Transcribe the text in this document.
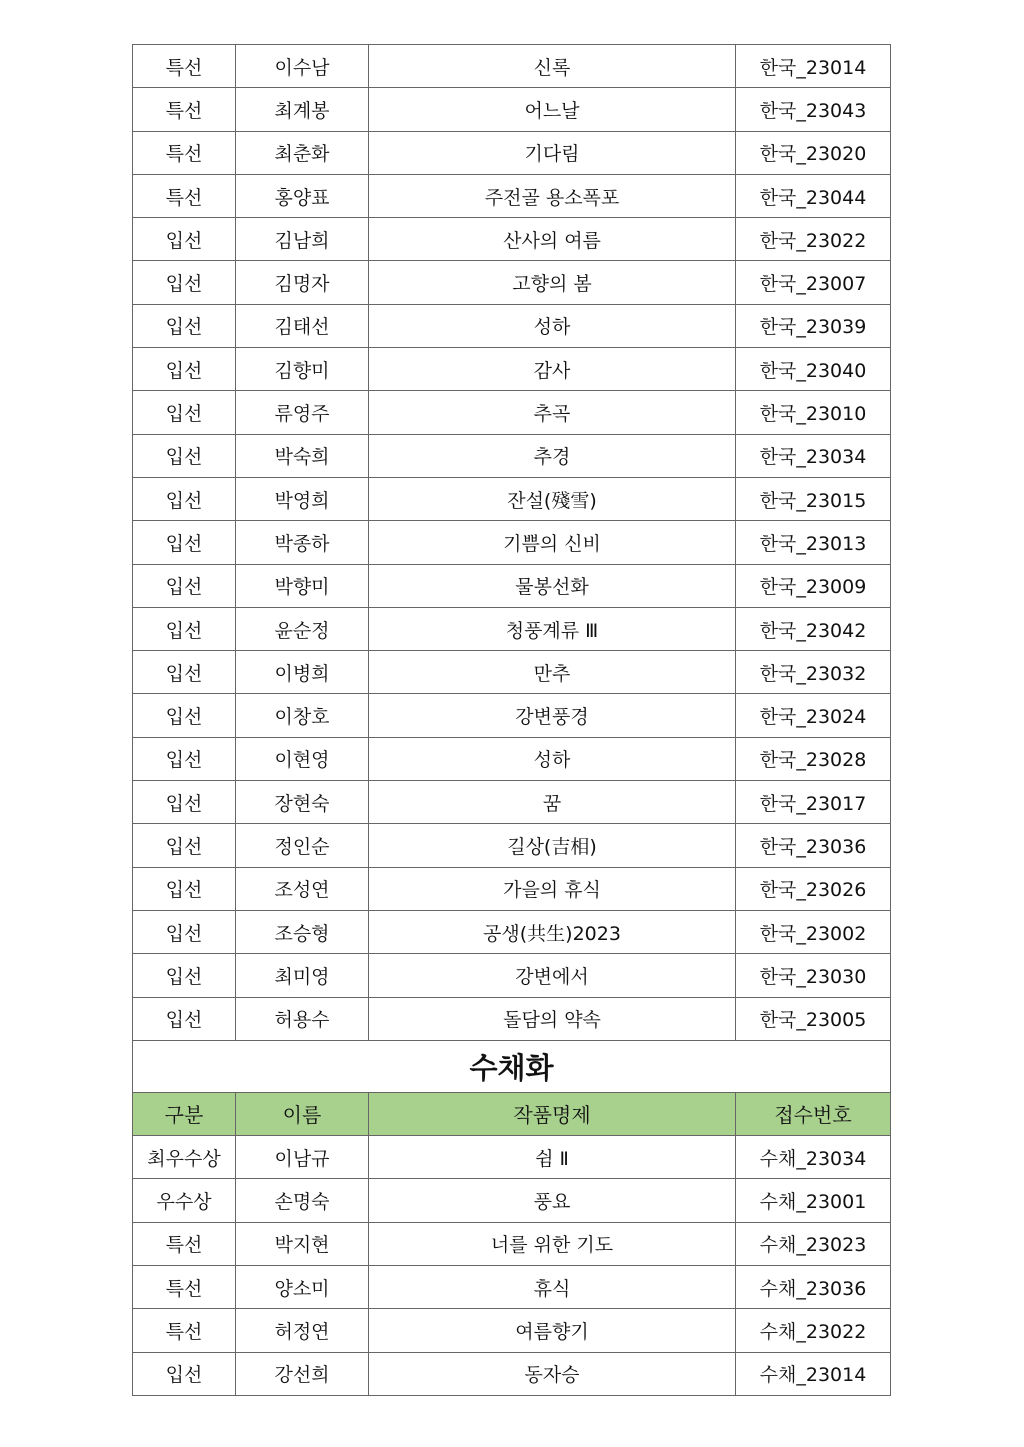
특선	이수남	신록	한국_23014
특선	최계봉	어느날	한국_23043
특선	최춘화	기다림	한국_23020
특선	홍양표	주전골 용소폭포	한국_23044
입선	김남희	산사의 여름	한국_23022
입선	김명자	고향의 봄	한국_23007
입선	김태선	성하	한국_23039
입선	김향미	감사	한국_23040
입선	류영주	추곡	한국_23010
입선	박숙희	추경	한국_23034
입선	박영희	잔설(殘雪)	한국_23015
입선	박종하	기쁨의 신비	한국_23013
입선	박향미	물봉선화	한국_23009
입선	윤순정	청풍계류 Ⅲ	한국_23042
입선	이병희	만추	한국_23032
입선	이창호	강변풍경	한국_23024
입선	이현영	성하	한국_23028
입선	장현숙	꿈	한국_23017
입선	정인순	길상(吉相)	한국_23036
입선	조성연	가을의 휴식	한국_23026
입선	조승형	공생(共生)2023	한국_23002
입선	최미영	강변에서	한국_23030
입선	허용수	돌담의 약속	한국_23005
수채화			
구분	이름	작품명제	접수번호
최우수상	이남규	쉼 Ⅱ	수채_23034
우수상	손명숙	풍요	수채_23001
특선	박지현	너를 위한 기도	수채_23023
특선	양소미	휴식	수채_23036
특선	허정연	여름향기	수채_23022
입선	강선희	동자승	수채_23014
